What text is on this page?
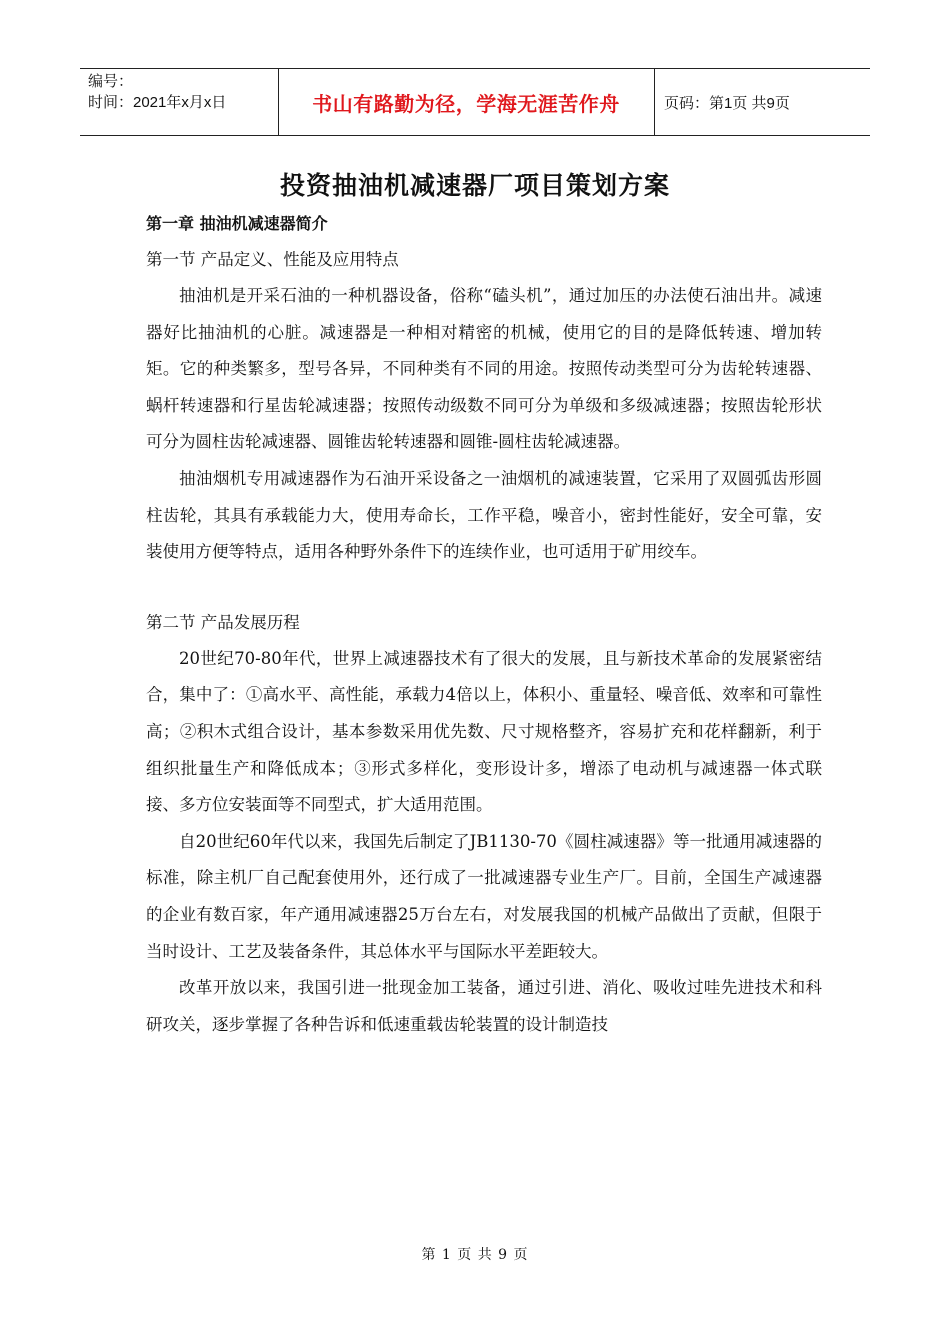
编号：
时间：2021年x月x日	书山有路勤为径，学海无涯苦作舟	页码：第1页 共9页
投资抽油机减速器厂项目策划方案

第一章 抽油机减速器简介

第一节 产品定义、性能及应用特点

抽油机是开采石油的一种机器设备，俗称“磕头机”，通过加压的办法使石油出井。减速器好比抽油机的心脏。减速器是一种相对精密的机械，使用它的目的是降低转速、增加转矩。它的种类繁多，型号各异，不同种类有不同的用途。按照传动类型可分为齿轮转速器、蜗杆转速器和行星齿轮减速器；按照传动级数不同可分为单级和多级减速器；按照齿轮形状可分为圆柱齿轮减速器、圆锥齿轮转速器和圆锥-圆柱齿轮减速器。

抽油烟机专用减速器作为石油开采设备之一油烟机的减速装置，它采用了双圆弧齿形圆柱齿轮，其具有承载能力大，使用寿命长，工作平稳，噪音小，密封性能好，安全可靠，安装使用方便等特点，适用各种野外条件下的连续作业，也可适用于矿用绞车。

第二节 产品发展历程

20世纪70-80年代，世界上减速器技术有了很大的发展，且与新技术革命的发展紧密结合，集中了：①高水平、高性能，承载力4倍以上，体积小、重量轻、噪音低、效率和可靠性高；②积木式组合设计，基本参数采用优先数、尺寸规格整齐，容易扩充和花样翻新，利于组织批量生产和降低成本；③形式多样化，变形设计多，增添了电动机与减速器一体式联接、多方位安装面等不同型式，扩大适用范围。

自20世纪60年代以来，我国先后制定了JB1130-70《圆柱减速器》等一批通用减速器的标准，除主机厂自己配套使用外，还行成了一批减速器专业生产厂。目前，全国生产减速器的企业有数百家，年产通用减速器25万台左右，对发展我国的机械产品做出了贡献，但限于当时设计、工艺及装备条件，其总体水平与国际水平差距较大。

改革开放以来，我国引进一批现金加工装备，通过引进、消化、吸收过哇先进技术和科研攻关，逐步掌握了各种告诉和低速重载齿轮装置的设计制造技

第 1 页 共 9 页
